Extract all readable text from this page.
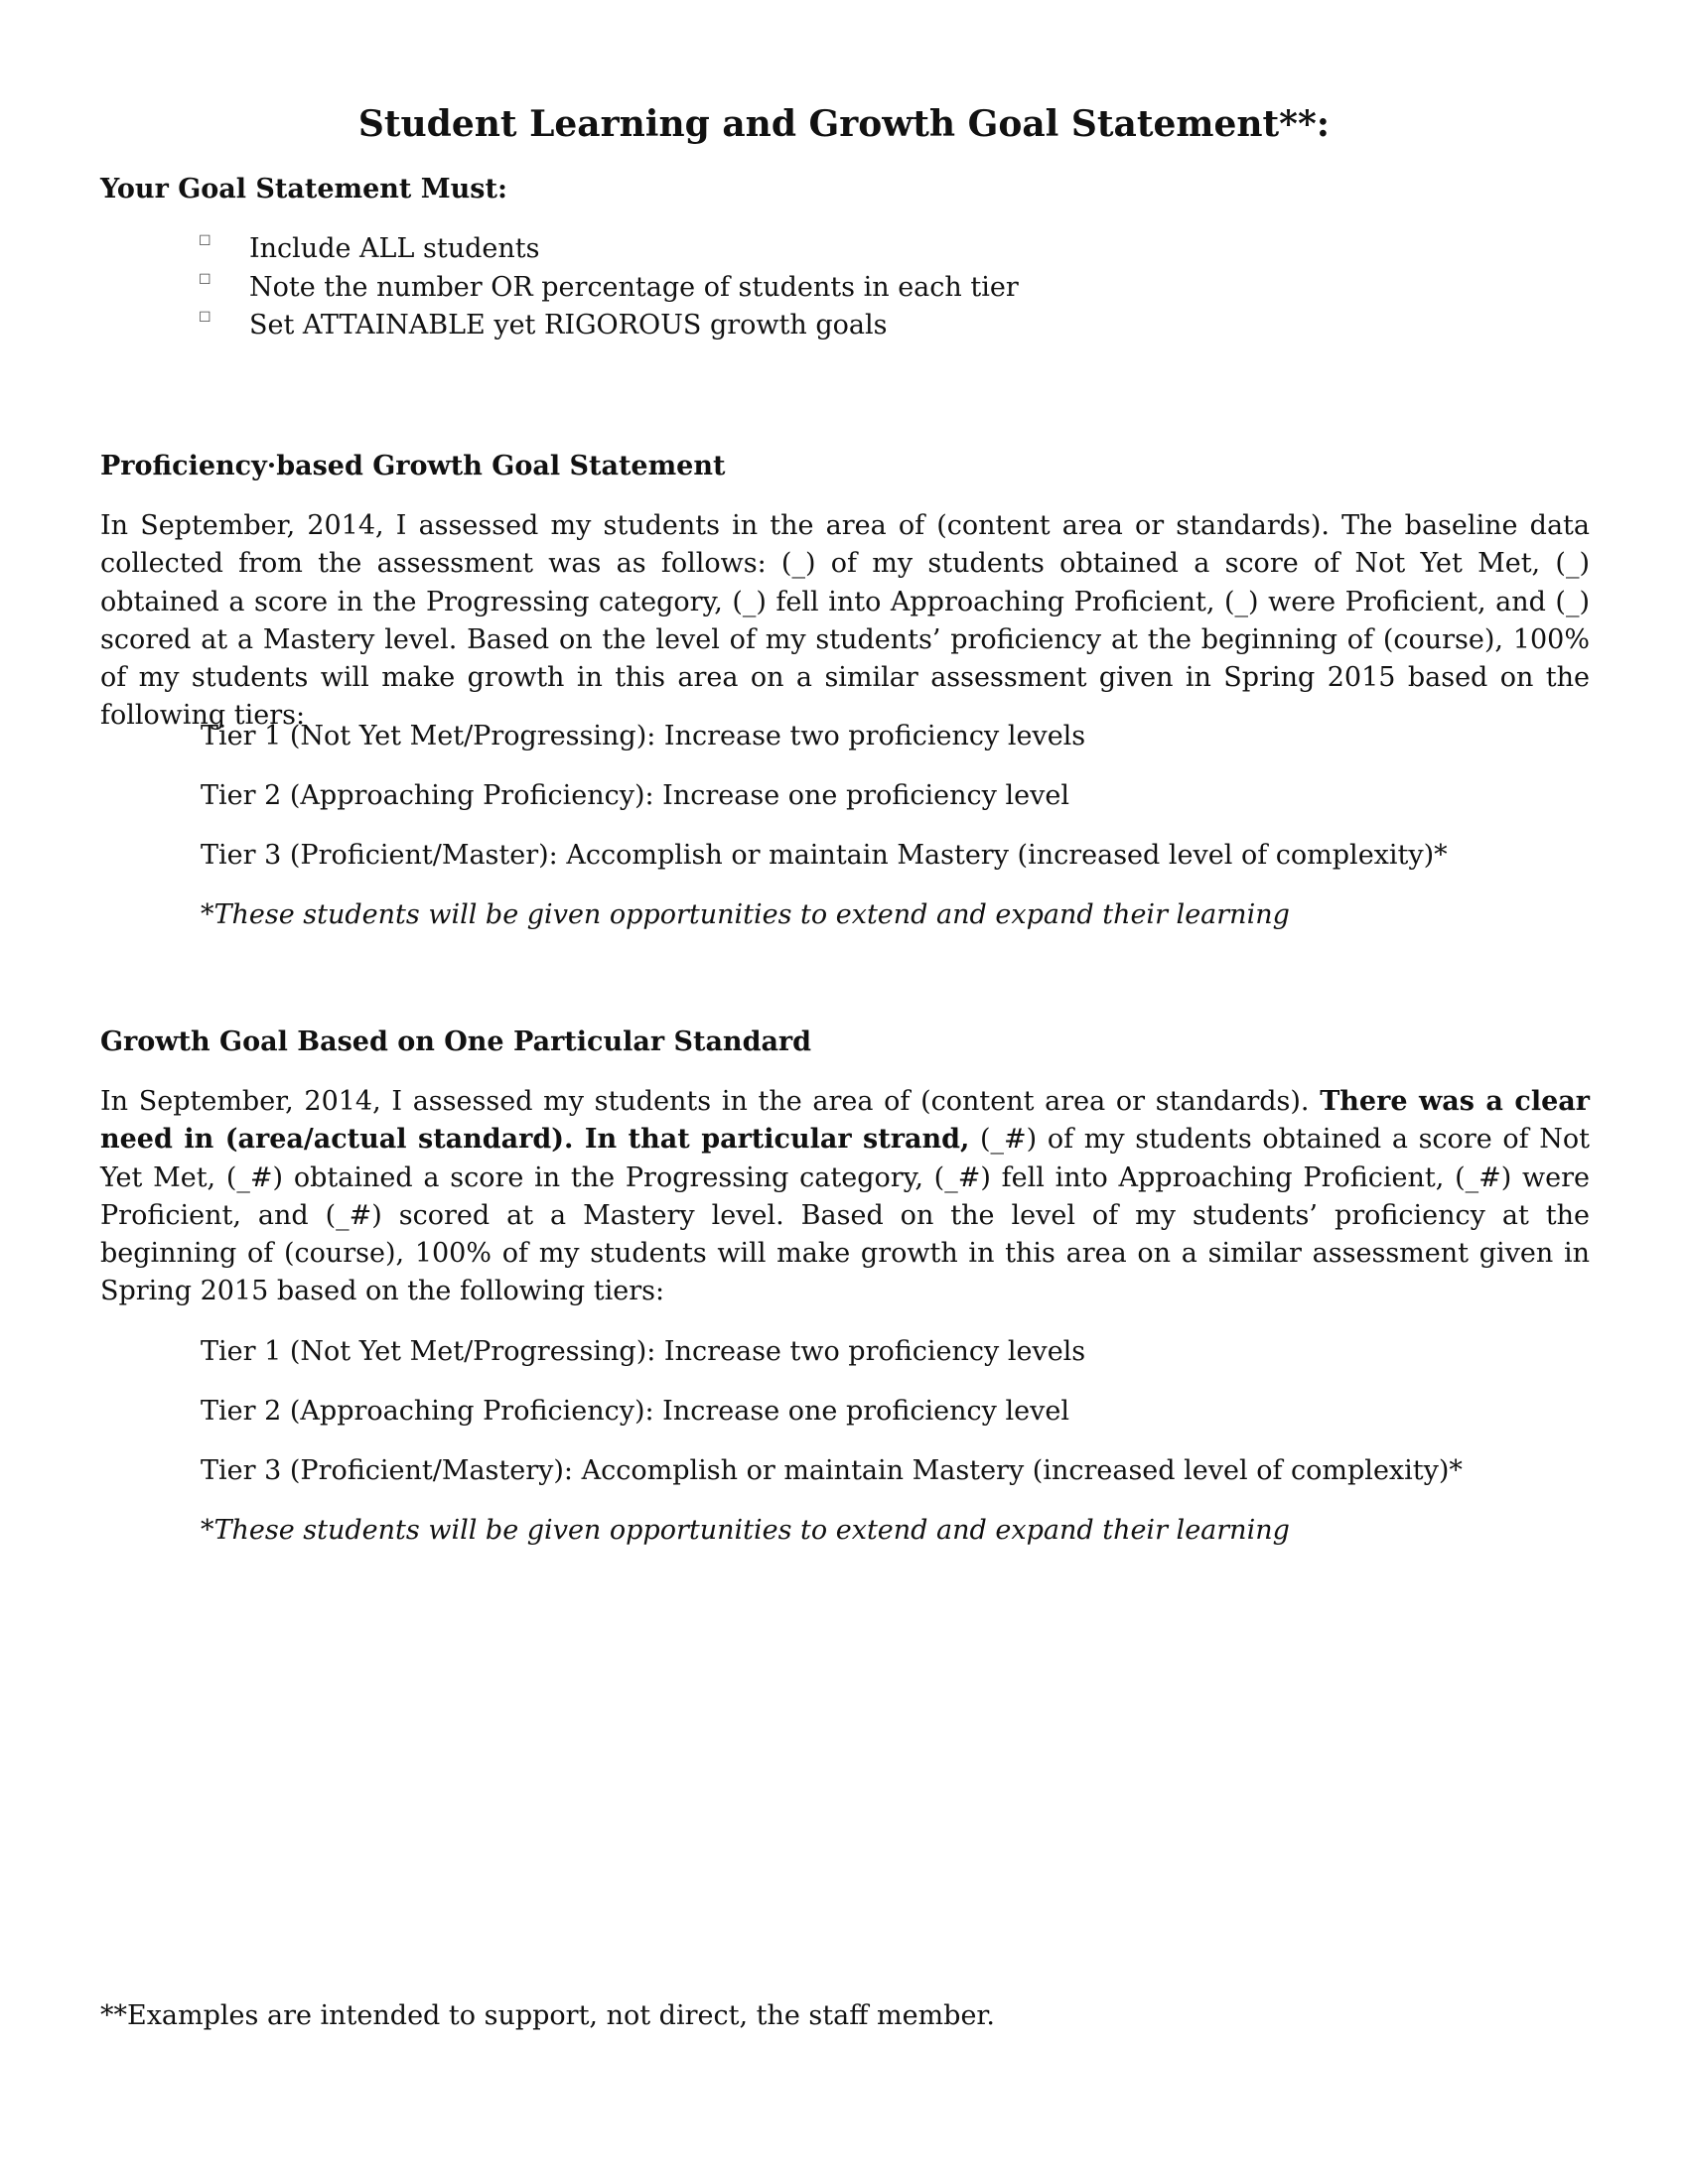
Student Learning and Growth Goal Statement**:
Your Goal Statement Must:
☐ Include ALL students
☐ Note the number OR percentage of students in each tier
☐ Set ATTAINABLE yet RIGOROUS growth goals
Proficiency·based Growth Goal Statement

In September, 2014, I assessed my students in the area of (content area or standards). The baseline data collected from the assessment was as follows: (_) of my students obtained a score of Not Yet Met, (_) obtained a score in the Progressing category, (_) fell into Approaching Proficient, (_) were Proficient, and (_) scored at a Mastery level. Based on the level of my students’ proficiency at the beginning of (course), 100% of my students will make growth in this area on a similar assessment given in Spring 2015 based on the following tiers:

Tier 1 (Not Yet Met/Progressing): Increase two proficiency levels

Tier 2 (Approaching Proficiency): Increase one proficiency level

Tier 3 (Proficient/Master): Accomplish or maintain Mastery (increased level of complexity)*

*These students will be given opportunities to extend and expand their learning

Growth Goal Based on One Particular Standard

In September, 2014, I assessed my students in the area of (content area or standards). There was a clear need in (area/actual standard). In that particular strand, (_#) of my students obtained a score of Not Yet Met, (_#) obtained a score in the Progressing category, (_#) fell into Approaching Proficient, (_#) were Proficient, and (_#) scored at a Mastery level. Based on the level of my students’ proficiency at the beginning of (course), 100% of my students will make growth in this area on a similar assessment given in Spring 2015 based on the following tiers:

Tier 1 (Not Yet Met/Progressing): Increase two proficiency levels

Tier 2 (Approaching Proficiency): Increase one proficiency level

Tier 3 (Proficient/Mastery): Accomplish or maintain Mastery (increased level of complexity)*

*These students will be given opportunities to extend and expand their learning

**Examples are intended to support, not direct, the staff member.
